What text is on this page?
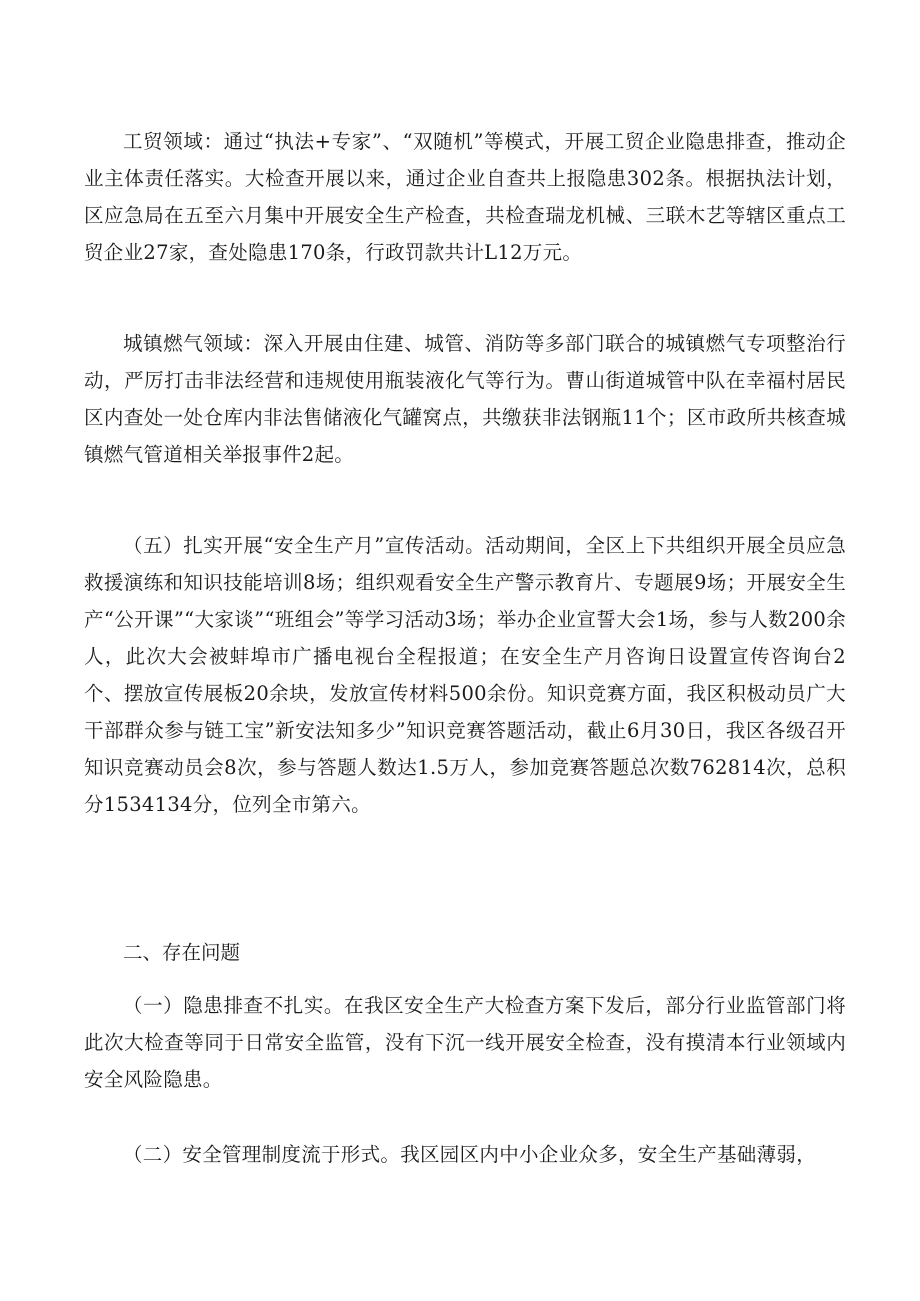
工贸领域：通过“执法+专家”、“双随机”等模式，开展工贸企业隐患排查，推动企业主体责任落实。大检查开展以来，通过企业自查共上报隐患302条。根据执法计划，区应急局在五至六月集中开展安全生产检查，共检查瑞龙机械、三联木艺等辖区重点工贸企业27家，查处隐患170条，行政罚款共计L12万元。

城镇燃气领域：深入开展由住建、城管、消防等多部门联合的城镇燃气专项整治行动，严厉打击非法经营和违规使用瓶装液化气等行为。曹山街道城管中队在幸福村居民区内查处一处仓库内非法售储液化气罐窝点，共缴获非法钢瓶11个；区市政所共核查城镇燃气管道相关举报事件2起。

（五）扎实开展“安全生产月”宣传活动。活动期间，全区上下共组织开展全员应急救援演练和知识技能培训8场；组织观看安全生产警示教育片、专题展9场；开展安全生产“公开课”“大家谈”“班组会”等学习活动3场；举办企业宣誓大会1场，参与人数200余人，此次大会被蚌埠市广播电视台全程报道；在安全生产月咨询日设置宣传咨询台2个、摆放宣传展板20余块，发放宣传材料500余份。知识竞赛方面，我区积极动员广大干部群众参与链工宝”新安法知多少”知识竞赛答题活动，截止6月30日，我区各级召开知识竞赛动员会8次，参与答题人数达1.5万人，参加竞赛答题总次数762814次，总积分1534134分，位列全市第六。

二、存在问题

（一）隐患排查不扎实。在我区安全生产大检查方案下发后，部分行业监管部门将此次大检查等同于日常安全监管，没有下沉一线开展安全检查，没有摸清本行业领域内安全风险隐患。

（二）安全管理制度流于形式。我区园区内中小企业众多，安全生产基础薄弱，
